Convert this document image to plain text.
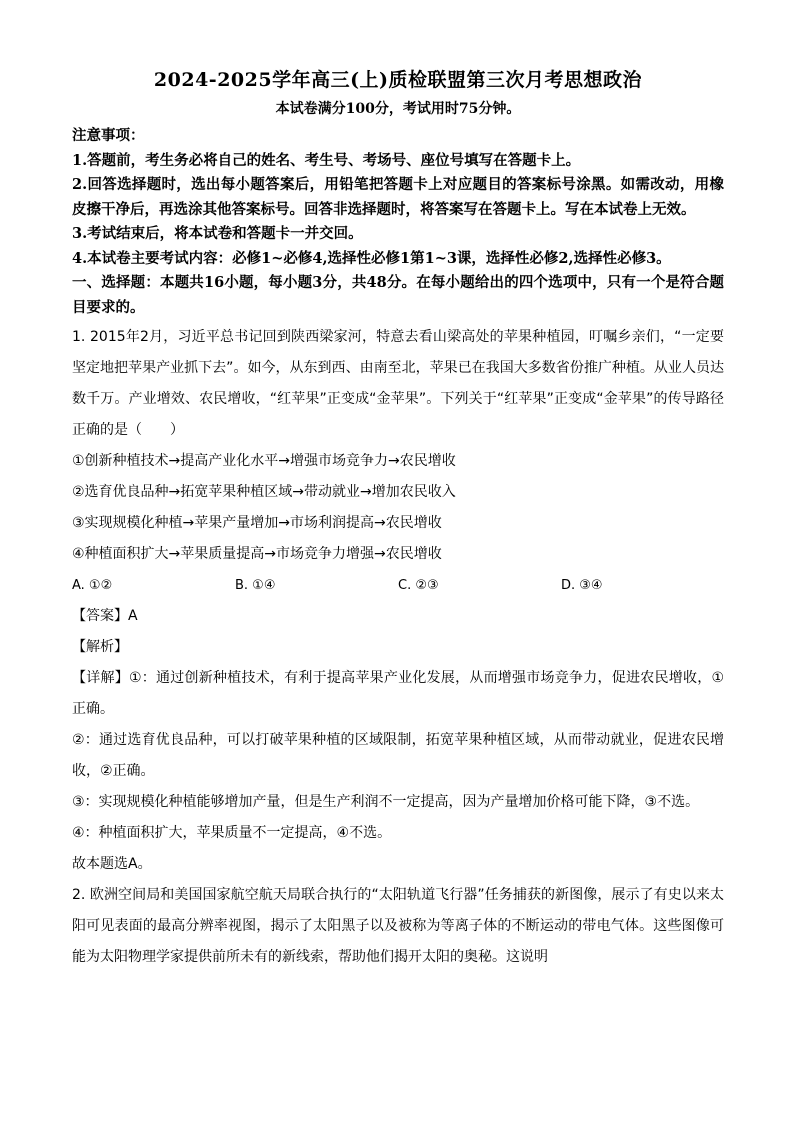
2024-2025学年高三(上)质检联盟第三次月考思想政治

本试卷满分100分，考试用时75分钟。

注意事项：

1.答题前，考生务必将自己的姓名、考生号、考场号、座位号填写在答题卡上。

2.回答选择题时，选出每小题答案后，用铅笔把答题卡上对应题目的答案标号涂黑。如需改动，用橡皮擦干净后，再选涂其他答案标号。回答非选择题时，将答案写在答题卡上。写在本试卷上无效。

3.考试结束后，将本试卷和答题卡一并交回。

4.本试卷主要考试内容：必修1~必修4,选择性必修1第1~3课，选择性必修2,选择性必修3。

一、选择题：本题共16小题，每小题3分，共48分。在每小题给出的四个选项中，只有一个是符合题目要求的。

1. 2015年2月，习近平总书记回到陕西梁家河，特意去看山梁高处的苹果种植园，叮嘱乡亲们，“一定要坚定地把苹果产业抓下去”。如今，从东到西、由南至北，苹果已在我国大多数省份推广种植。从业人员达数千万。产业增效、农民增收，“红苹果”正变成“金苹果”。下列关于“红苹果”正变成“金苹果”的传导路径正确的是（　　）

①创新种植技术→提高产业化水平→增强市场竞争力→农民增收

②选育优良品种→拓宽苹果种植区域→带动就业→增加农民收入

③实现规模化种植→苹果产量增加→市场利润提高→农民增收

④种植面积扩大→苹果质量提高→市场竞争力增强→农民增收

A. ①②	B. ①④	C. ②③	D. ③④

【答案】A

【解析】

【详解】①：通过创新种植技术，有利于提高苹果产业化发展，从而增强市场竞争力，促进农民增收，①正确。

②：通过选育优良品种，可以打破苹果种植的区域限制，拓宽苹果种植区域，从而带动就业，促进农民增收，②正确。

③：实现规模化种植能够增加产量，但是生产利润不一定提高，因为产量增加价格可能下降，③不选。

④：种植面积扩大，苹果质量不一定提高，④不选。

故本题选A。

2. 欧洲空间局和美国国家航空航天局联合执行的“太阳轨道飞行器”任务捕获的新图像，展示了有史以来太阳可见表面的最高分辨率视图，揭示了太阳黑子以及被称为等离子体的不断运动的带电气体。这些图像可能为太阳物理学家提供前所未有的新线索，帮助他们揭开太阳的奥秘。这说明
